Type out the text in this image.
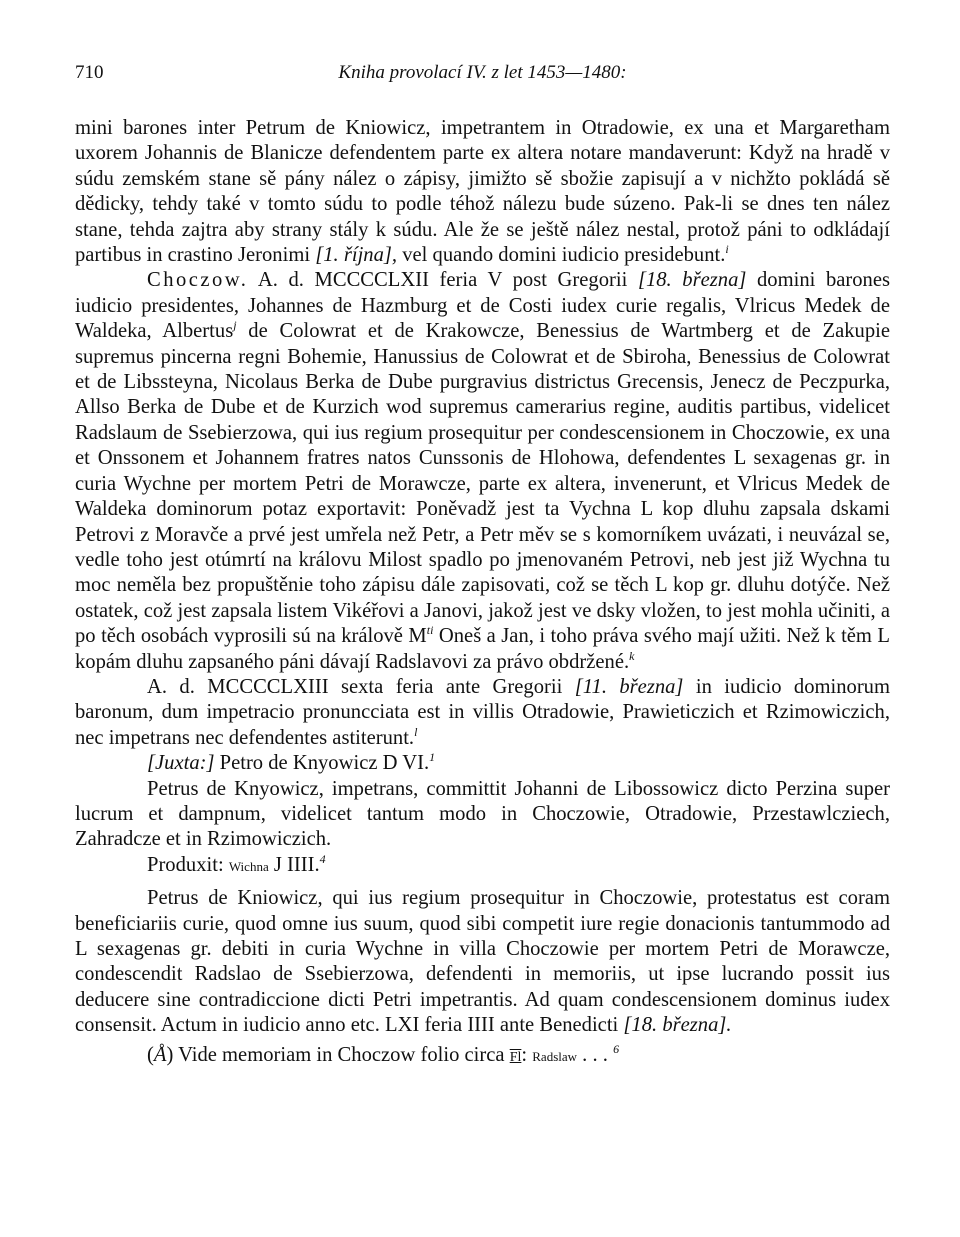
710	Kniha provolací IV. z let 1453—1480:

mini barones inter Petrum de Kniowicz, impetrantem in Otradowie, ex una et Margaretham uxorem Johannis de Blanicze defendentem parte ex altera notare mandaverunt: Když na hradě v súdu zemském stane sě pány nález o zápisy, jimižto sě sbožie zapisují a v nichžto pokládá sě dědicky, tehdy také v tomto súdu to podle téhož nálezu bude súzeno. Pak-li se dnes ten nález stane, tehda zajtra aby strany stály k súdu. Ale že se ještě nález nestal, protož páni to odkládají partibus in crastino Jeronimi [1. října], vel quando domini iudicio presidebunt.$^i$

Choczow. A. d. MCCCCLXII feria V post Gregorii [18. března] domini barones iudicio presidentes, Johannes de Hazmburg et de Costi iudex curie regalis, Vlricus Medek de Waldeka, Albertus$^j$ de Colowrat et de Krakowcze, Benessius de Wartmberg et de Zakupie supremus pincerna regni Bohemie, Hanussius de Colowrat et de Sbiroha, Benessius de Colowrat et de Libssteyna, Nicolaus Berka de Dube purgravius districtus Grecensis, Jenecz de Peczpurka, Allso Berka de Dube et de Kurzich wod supremus camerarius regine, auditis partibus, videlicet Radslaum de Ssebierzowa, qui ius regium prosequitur per condescensionem in Choczowie, ex una et Onssonem et Johannem fratres natos Cunssonis de Hlohowa, defendentes L sexagenas gr. in curia Wychne per mortem Petri de Morawcze, parte ex altera, invenerunt, et Vlricus Medek de Waldeka dominorum potaz exportavit: Poněvadž jest ta Vychna L kop dluhu zapsala dskami Petrovi z Moravče a prvé jest umřela než Petr, a Petr měv se s komorníkem uvázati, i neuvázal se, vedle toho jest otúmrtí na královu Milost spadlo po jmenovaném Petrovi, neb jest již Wychna tu moc neměla bez propuštěnie toho zápisu dále zapisovati, což se těch L kop gr. dluhu dotýče. Než ostatek, což jest zapsala listem Vikéřovi a Janovi, jakož jest ve dsky vložen, to jest mohla učiniti, a po těch osobách vyprosili sú na králově M$^{ti}$ Oneš a Jan, i toho práva svého mají užiti. Než k těm L kopám dluhu zapsaného páni dávají Radslavovi za právo obdržené.$^k$

A. d. MCCCCLXIII sexta feria ante Gregorii [11. března] in iudicio dominorum baronum, dum impetracio pronuncciata est in villis Otradowie, Prawieticzich et Rzimowiczich, nec impetrans nec defendentes astiterunt.$^l$

[Juxta:] Petro de Knyowicz D VI.$^1$

Petrus de Knyowicz, impetrans, committit Johanni de Libossowicz dicto Perzina super lucrum et dampnum, videlicet tantum modo in Choczowie, Otradowie, Przestawlcziech, Zahradcze et in Rzimowiczich.

Produxit: Wichna J IIII.$^4$

Petrus de Kniowicz, qui ius regium prosequitur in Choczowie, protestatus est coram beneficiariis curie, quod omne ius suum, quod sibi competit iure regie donacionis tantummodo ad L sexagenas gr. debiti in curia Wychne in villa Choczowie per mortem Petri de Morawcze, condescendit Radslao de Ssebierzowa, defendenti in memoriis, ut ipse lucrando possit ius deducere sine contradiccione dicti Petri impetrantis. Ad quam condescensionem dominus iudex consensit. Actum in iudicio anno etc. LXI feria IIII ante Benedicti [18. března].

(Å) Vide memoriam in Choczow folio circa Fl: Radslaw . . . $^6$
